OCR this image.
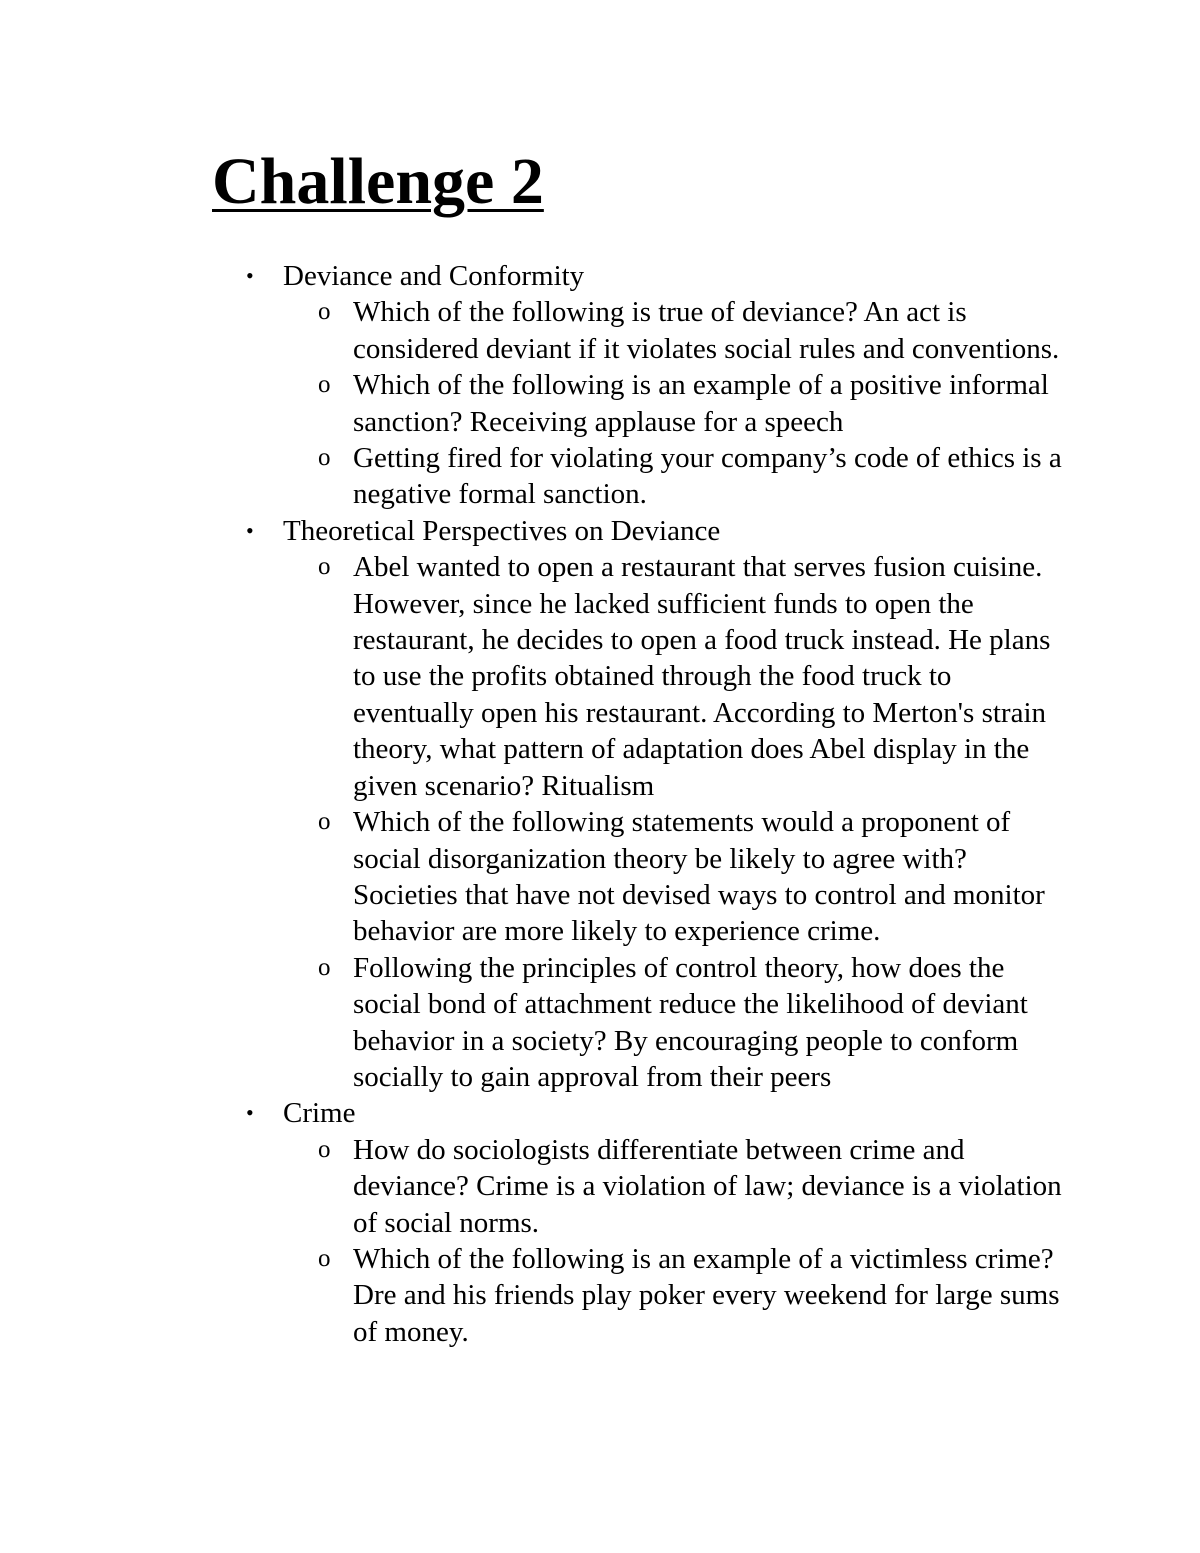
Challenge 2
•	Deviance and Conformity
o Which of the following is true of deviance? An act is considered deviant if it violates social rules and conventions.
o Which of the following is an example of a positive informal sanction? Receiving applause for a speech
o Getting fired for violating your company’s code of ethics is a negative formal sanction.
•	Theoretical Perspectives on Deviance
o Abel wanted to open a restaurant that serves fusion cuisine. However, since he lacked sufficient funds to open the restaurant, he decides to open a food truck instead. He plans to use the profits obtained through the food truck to eventually open his restaurant. According to Merton's strain theory, what pattern of adaptation does Abel display in the given scenario? Ritualism
o Which of the following statements would a proponent of social disorganization theory be likely to agree with? Societies that have not devised ways to control and monitor behavior are more likely to experience crime.
o Following the principles of control theory, how does the social bond of attachment reduce the likelihood of deviant behavior in a society? By encouraging people to conform socially to gain approval from their peers
•	Crime
o How do sociologists differentiate between crime and deviance? Crime is a violation of law; deviance is a violation of social norms.
o Which of the following is an example of a victimless crime? Dre and his friends play poker every weekend for large sums of money.
